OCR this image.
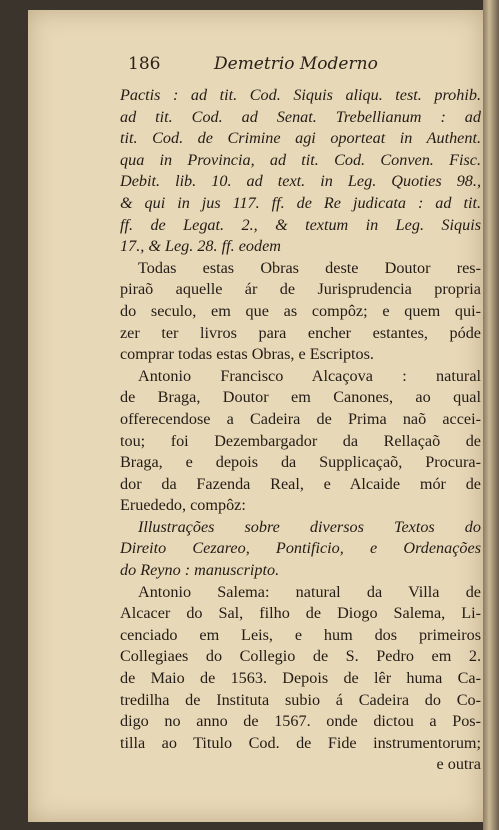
186	Demetrio Moderno
Pactis : ad tit. Cod. Siquis aliqu. test. prohib.
ad tit. Cod. ad Senat. Trebellianum : ad
tit. Cod. de Crimine agi oporteat in Authent.
qua in Provincia, ad tit. Cod. Conven. Fisc.
Debit. lib. 10. ad text. in Leg. Quoties 98.,
& qui in jus 117. ff. de Re judicata : ad tit.
ff. de Legat. 2., & textum in Leg. Siquis
17., & Leg. 28. ff. eodem
Todas estas Obras deste Doutor res-
piraõ aquelle ár de Jurisprudencia propria
do seculo, em que as compôz; e quem qui-
zer ter livros para encher estantes, póde
comprar todas estas Obras, e Escriptos.
Antonio Francisco Alcaçova : natural
de Braga, Doutor em Canones, ao qual
offerecendose a Cadeira de Prima naõ accei-
tou; foi Dezembargador da Rellaçaõ de
Braga, e depois da Supplicaçaõ, Procura-
dor da Fazenda Real, e Alcaide mór de
Eruededo, compôz:
Illustrações sobre diversos Textos do
Direito Cezareo, Pontificio, e Ordenações
do Reyno : manuscripto.
Antonio Salema: natural da Villa de
Alcacer do Sal, filho de Diogo Salema, Li-
cenciado em Leis, e hum dos primeiros
Collegiaes do Collegio de S. Pedro em 2.
de Maio de 1563. Depois de lêr huma Ca-
tredilha de Instituta subio á Cadeira do Co-
digo no anno de 1567. onde dictou a Pos-
tilla ao Titulo Cod. de Fide instrumentorum;
e outra
